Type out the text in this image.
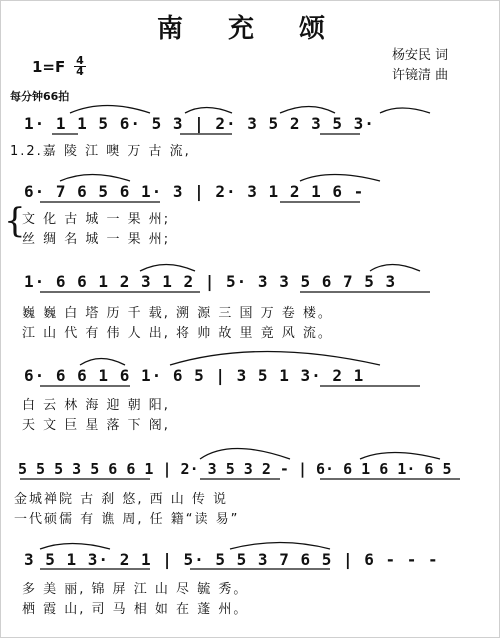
南 充 颂
杨安民 词
许镜清 曲
1=F 4
4
每分钟66拍
1· 1 1 5 6· 5 3 | 2· 3 5 2 3 5 3·
1.2.嘉 陵 江 噢 万 古 流,
6· 7 6 5 6 1· 3 | 2· 3 1 2 1 6 -
{
文 化 古 城 一 果 州;
丝 绸 名 城 一 果 州;
1· 6 6 1 2 3 1 2 | 5· 3 3 5 6 7 5 3
巍 巍 白 塔 历 千 载, 溯 源 三 国 万 卷 楼。
江 山 代 有 伟 人 出, 将 帅 故 里 竟 风 流。
6· 6 6 1 6 1· 6 5 | 3 5 1 3· 2 1
白 云 林 海 迎 朝 阳,
天 文 巨 星 落 下 阁,
5 5 5 3 5 6 6 1 | 2· 3 5 3 2 - | 6· 6 1 6 1· 6 5
金城禅院 古 刹 悠, 西 山 传 说
一代硕儒 有 谯 周, 任 籍“读 易”
3 5 1 3· 2 1 | 5· 5 5 3 7 6 5 | 6 - - -
多 美 丽, 锦 屏 江 山 尽 毓 秀。
栖 霞 山, 司 马 相 如 在 蓬 州。
